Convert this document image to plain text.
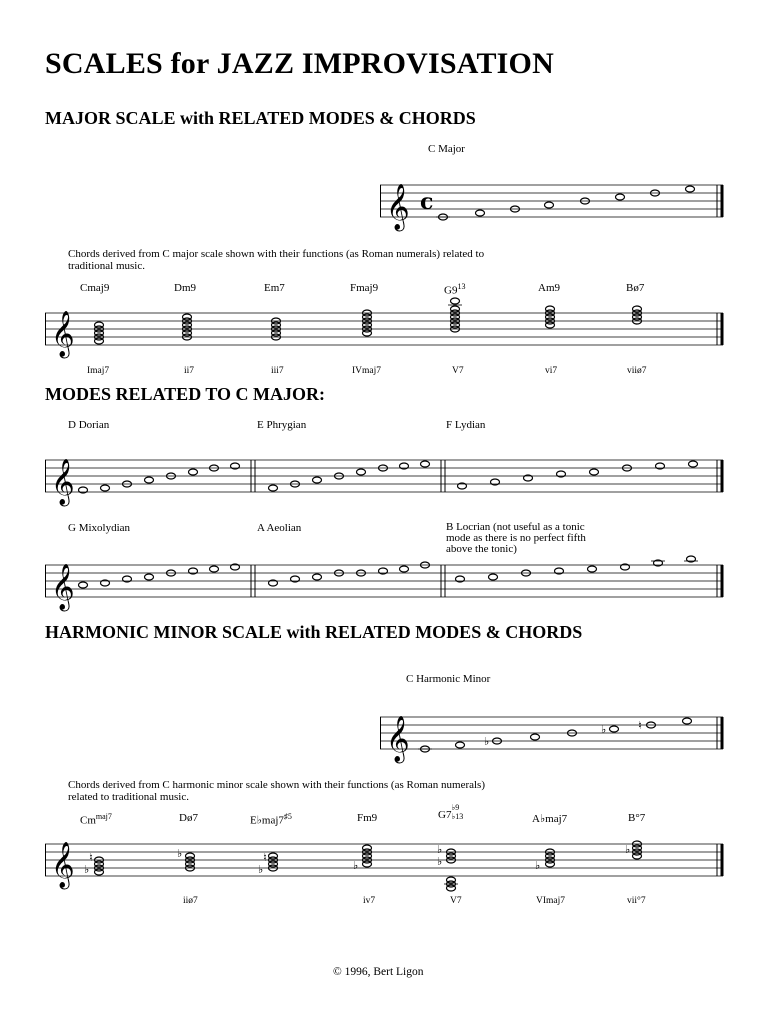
SCALES for JAZZ IMPROVISATION
MAJOR SCALE with RELATED MODES & CHORDS
C Major
𝄞 c
Chords derived from C major scale shown with their functions (as Roman numerals) related to
traditional music.
Cmaj9	Dm9	Em7	Fmaj9	$G9^{13}$	Am9	Bø7
𝄞
Imaj7	ii7	iii7	IVmaj7	V7	vi7	viiø7
MODES RELATED TO C MAJOR:
D Dorian	E Phrygian	F Lydian
𝄞
G Mixolydian	A Aeolian	B Locrian (not useful as a tonic
mode as there is no perfect fifth
above the tonic)
𝄞
HARMONIC MINOR SCALE with RELATED MODES & CHORDS
C Harmonic Minor
𝄞	♭
♭	♮
Chords derived from C harmonic minor scale shown with their functions (as Roman numerals)
related to traditional music.
$Cm^{maj7}$	Dø7	$E♭maj7^{♯5}$	Fm9	G7
♭9
♭13	A♭maj7	B°7
𝄞 ♭
♮	♭
♭
♮
♭	♭
♭
♭
♭
iiø7	iv7	V7	VImaj7	vii°7
© 1996, Bert Ligon
